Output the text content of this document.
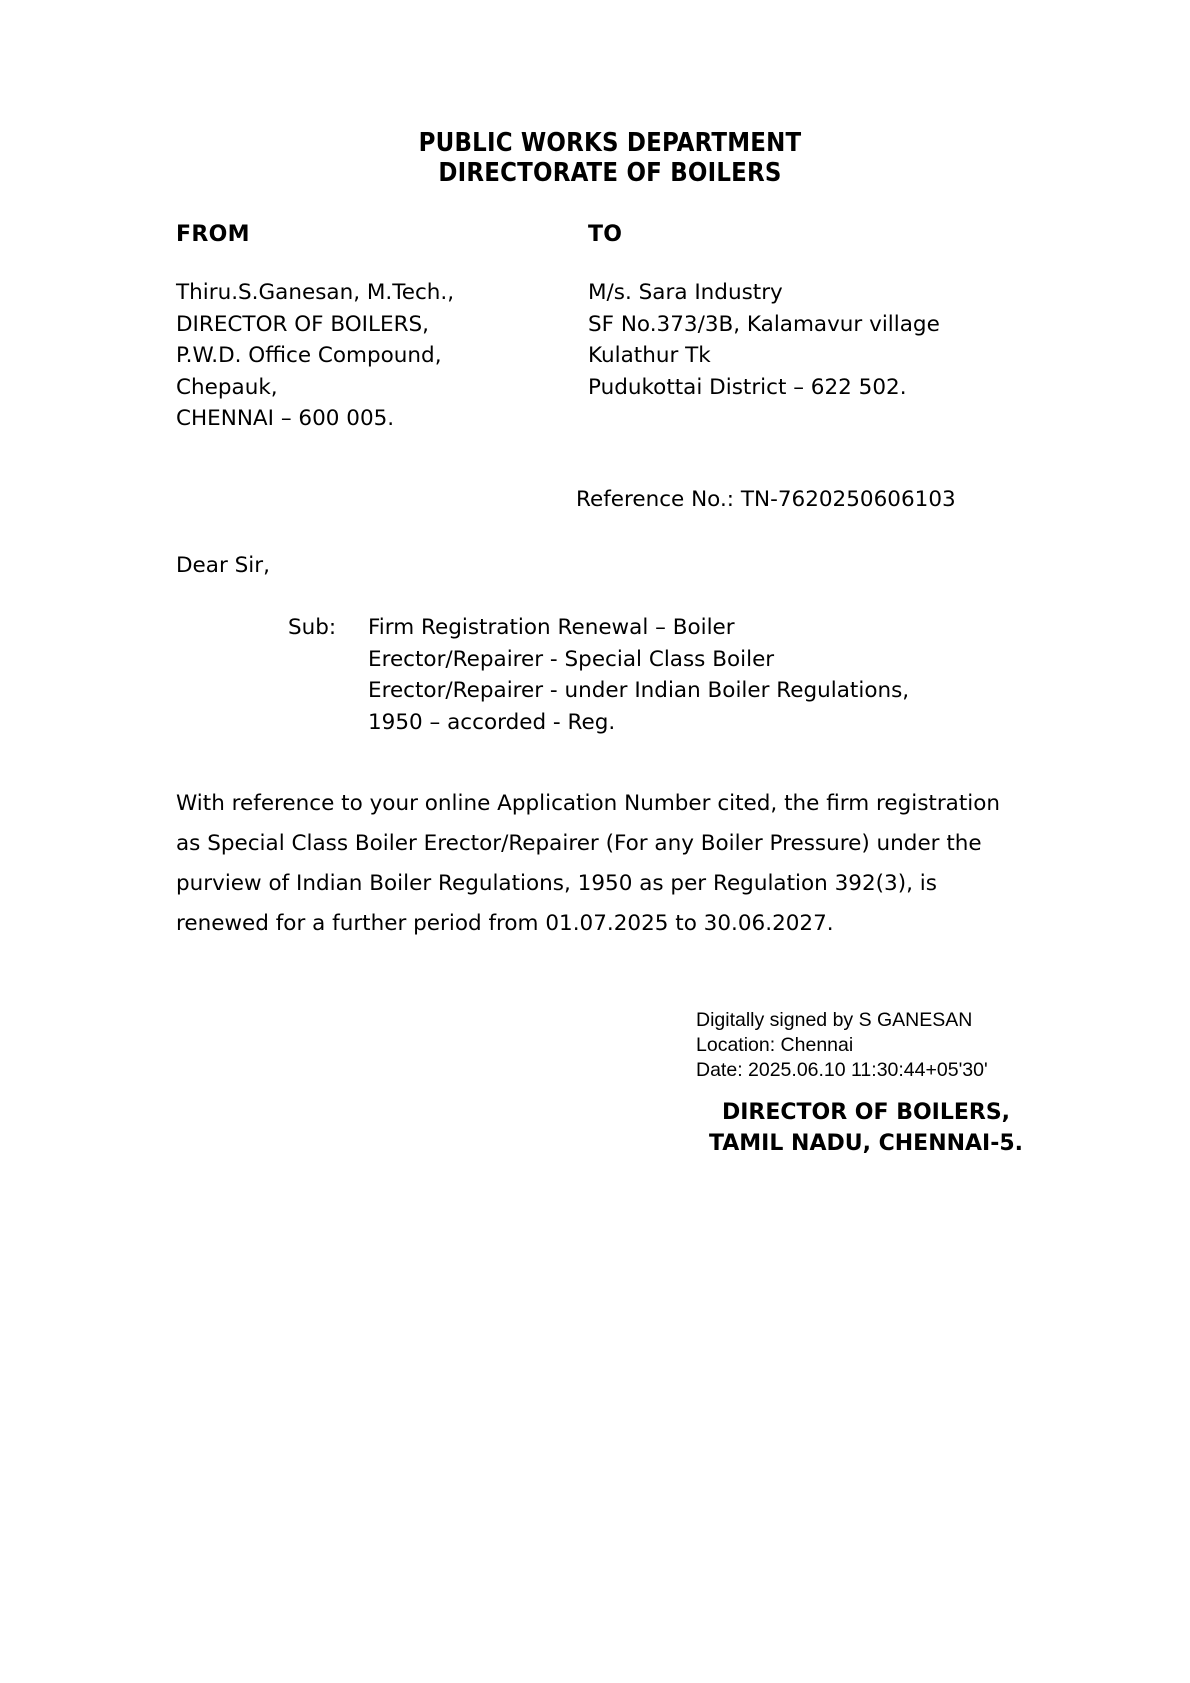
PUBLIC WORKS DEPARTMENT
DIRECTORATE OF BOILERS
FROM
Thiru.S.Ganesan, M.Tech.,
DIRECTOR OF BOILERS,
P.W.D. Office Compound,
Chepauk,
CHENNAI – 600 005.
TO
M/s. Sara Industry
SF No.373/3B, Kalamavur village
Kulathur Tk
Pudukottai District – 622 502.
Reference No.: TN-7620250606103
Dear Sir,
Sub: Firm Registration Renewal – Boiler
Erector/Repairer - Special Class Boiler
Erector/Repairer - under Indian Boiler Regulations,
1950 – accorded - Reg.
With reference to your online Application Number cited, the firm registration
as Special Class Boiler Erector/Repairer (For any Boiler Pressure) under the
purview of Indian Boiler Regulations, 1950 as per Regulation 392(3), is
renewed for a further period from 01.07.2025 to 30.06.2027.
Digitally signed by S GANESAN
Location: Chennai
Date: 2025.06.10 11:30:44+05'30'
DIRECTOR OF BOILERS,
TAMIL NADU, CHENNAI-5.
